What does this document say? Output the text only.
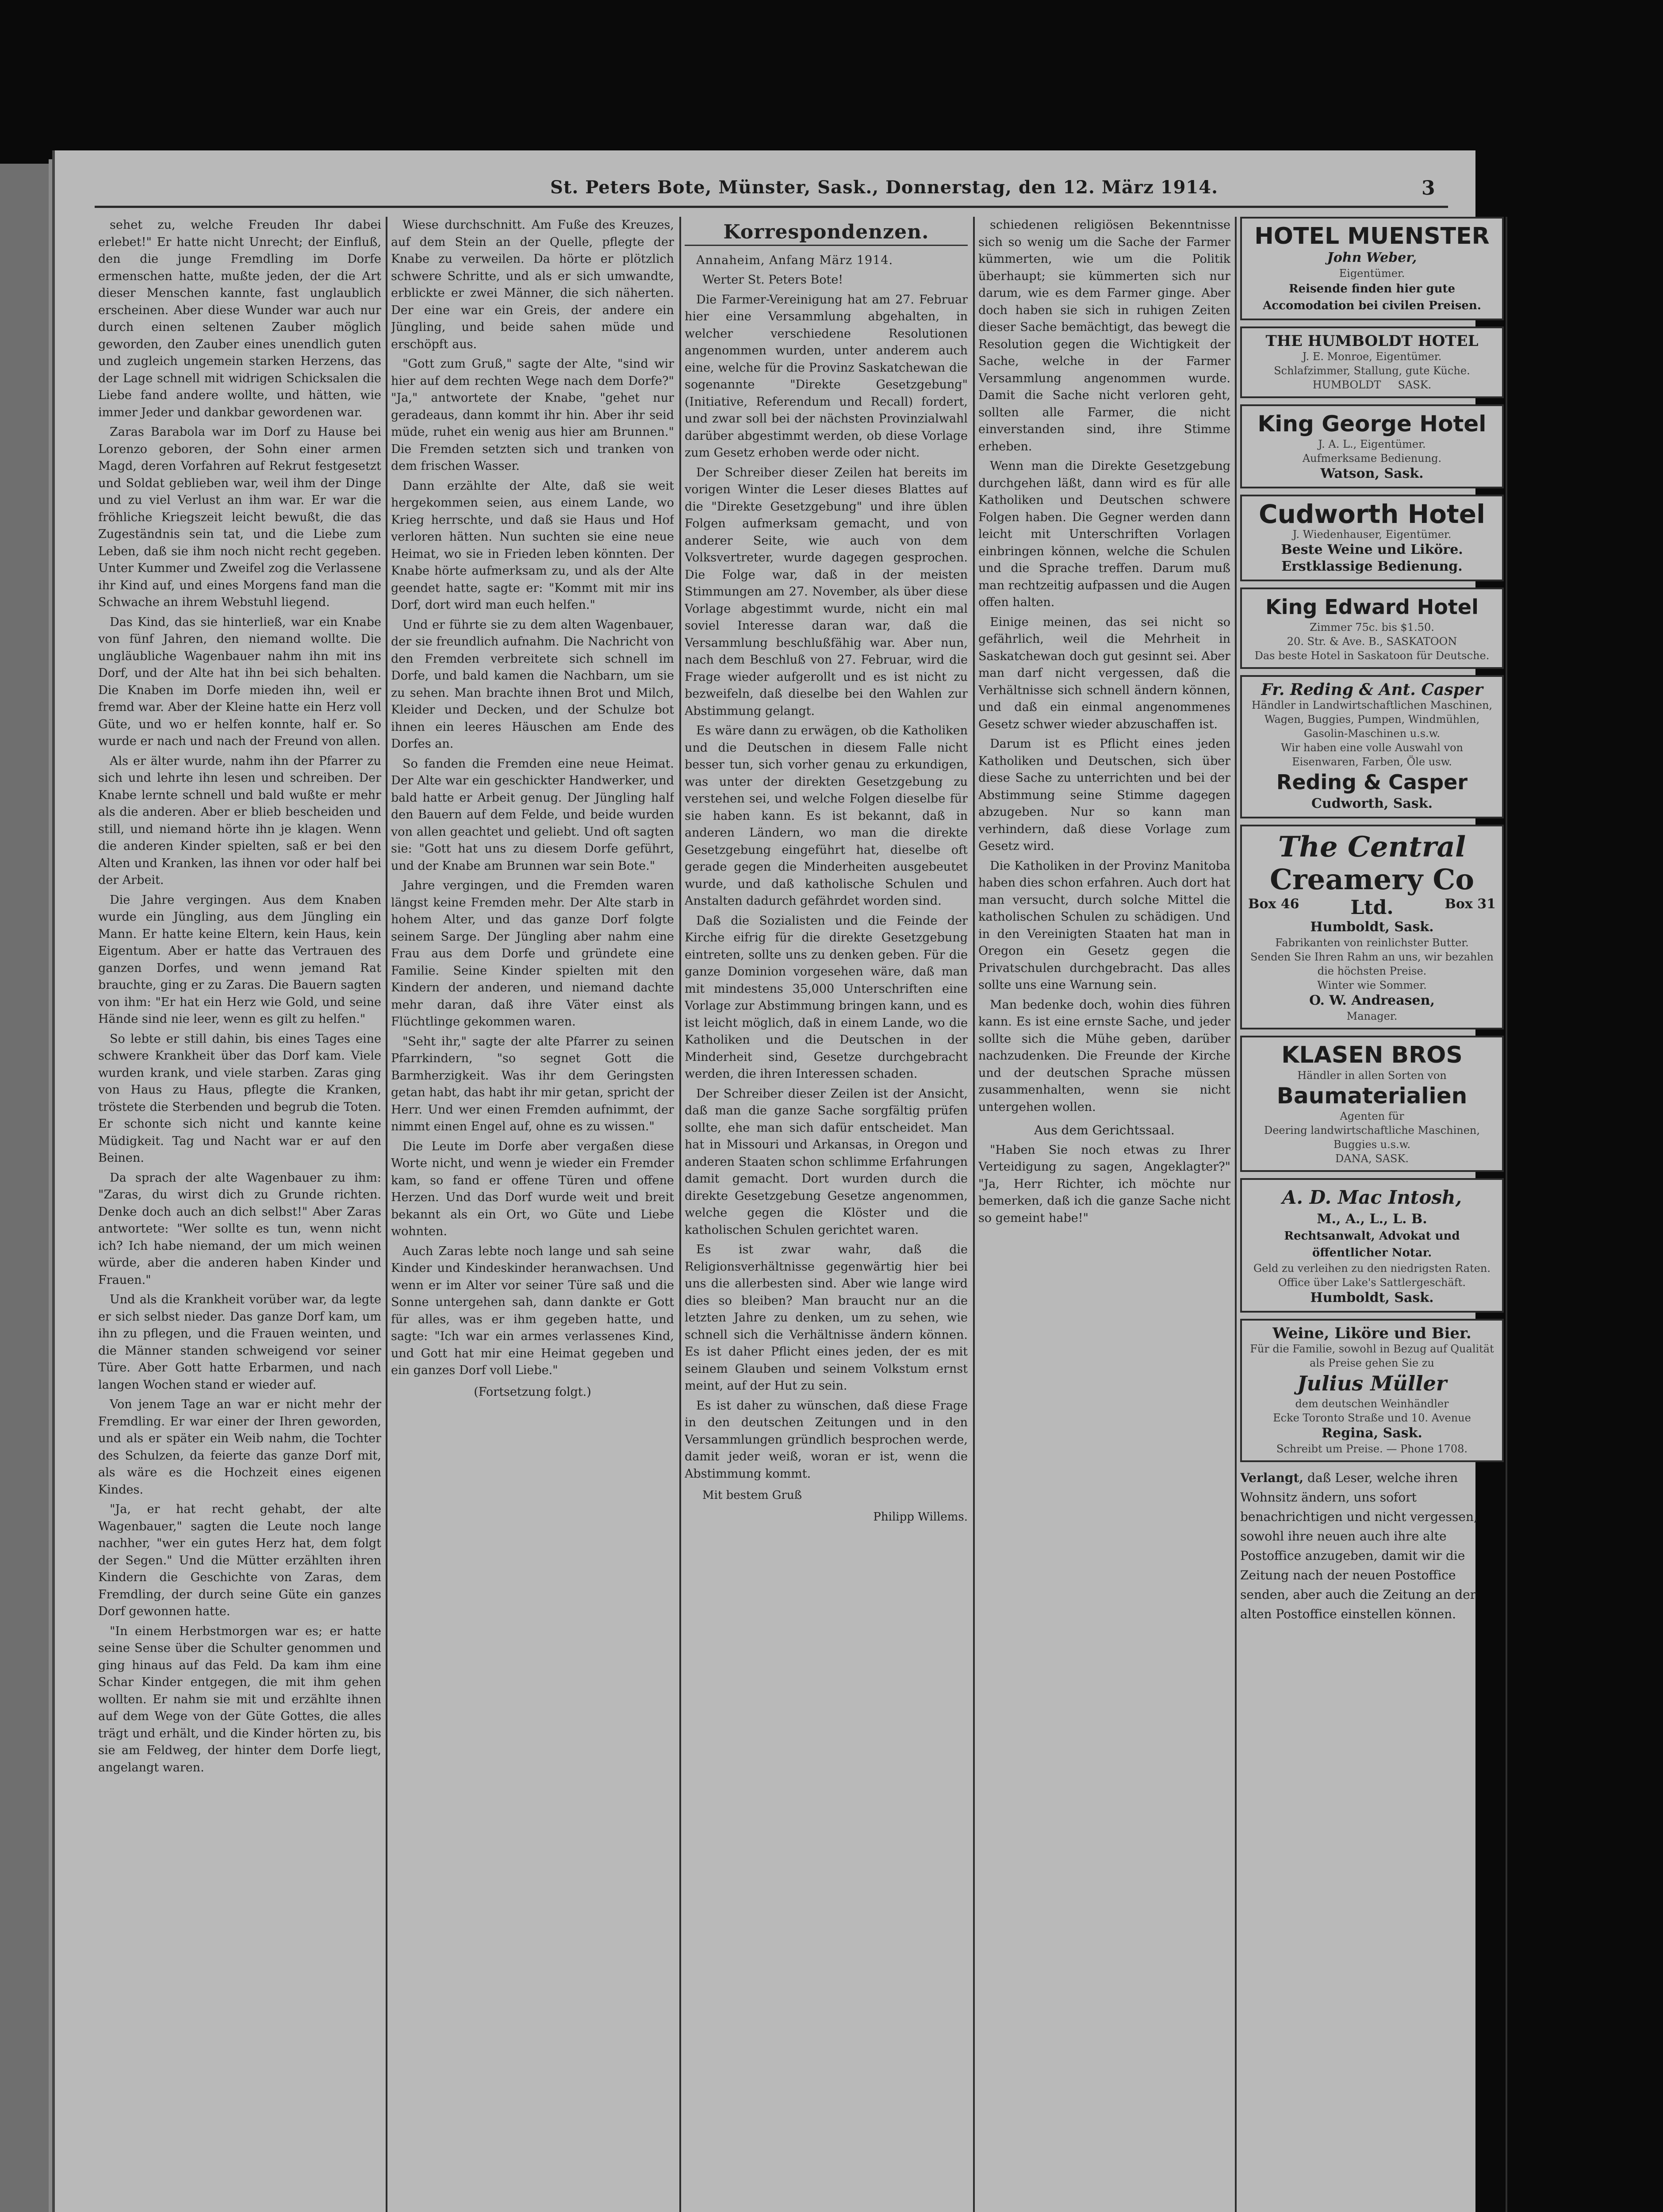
St. Peters Bote, Münster, Sask., Donnerstag, den 12. März 1914.	3

sehet zu, welche Freuden Ihr dabei erlebet!" Er hatte nicht Unrecht; der Einfluß, den die junge Fremdling im Dorfe ermenschen hatte, mußte jeden, der die Art dieser Menschen kannte, fast unglaublich erscheinen. Aber diese Wunder war auch nur durch einen seltenen Zauber möglich geworden, den Zauber eines unendlich guten und zugleich ungemein starken Herzens, das der Lage schnell mit widrigen Schicksalen die Liebe fand andere wollte, und hätten, wie immer Jeder und dankbar gewordenen war.

Zaras Barabola war im Dorf zu Hause bei Lorenzo geboren, der Sohn einer armen Magd, deren Vorfahren auf Rekrut festgesetzt und Soldat geblieben war, weil ihm der Dinge und zu viel Verlust an ihm war. Er war die fröhliche Kriegszeit leicht bewußt, die das Zugeständnis sein tat, und die Liebe zum Leben, daß sie ihm noch nicht recht gegeben. Unter Kummer und Zweifel zog die Verlassene ihr Kind auf, und eines Morgens fand man die Schwache an ihrem Webstuhl liegend.

Das Kind, das sie hinterließ, war ein Knabe von fünf Jahren, den niemand wollte. Die ungläubliche Wagenbauer nahm ihn mit ins Dorf, und der Alte hat ihn bei sich behalten. Die Knaben im Dorfe mieden ihn, weil er fremd war. Aber der Kleine hatte ein Herz voll Güte, und wo er helfen konnte, half er. So wurde er nach und nach der Freund von allen.

Als er älter wurde, nahm ihn der Pfarrer zu sich und lehrte ihn lesen und schreiben. Der Knabe lernte schnell und bald wußte er mehr als die anderen. Aber er blieb bescheiden und still, und niemand hörte ihn je klagen. Wenn die anderen Kinder spielten, saß er bei den Alten und Kranken, las ihnen vor oder half bei der Arbeit.

Die Jahre vergingen. Aus dem Knaben wurde ein Jüngling, aus dem Jüngling ein Mann. Er hatte keine Eltern, kein Haus, kein Eigentum. Aber er hatte das Vertrauen des ganzen Dorfes, und wenn jemand Rat brauchte, ging er zu Zaras. Die Bauern sagten von ihm: "Er hat ein Herz wie Gold, und seine Hände sind nie leer, wenn es gilt zu helfen."

So lebte er still dahin, bis eines Tages eine schwere Krankheit über das Dorf kam. Viele wurden krank, und viele starben. Zaras ging von Haus zu Haus, pflegte die Kranken, tröstete die Sterbenden und begrub die Toten. Er schonte sich nicht und kannte keine Müdigkeit. Tag und Nacht war er auf den Beinen.

Da sprach der alte Wagenbauer zu ihm: "Zaras, du wirst dich zu Grunde richten. Denke doch auch an dich selbst!" Aber Zaras antwortete: "Wer sollte es tun, wenn nicht ich? Ich habe niemand, der um mich weinen würde, aber die anderen haben Kinder und Frauen."

Und als die Krankheit vorüber war, da legte er sich selbst nieder. Das ganze Dorf kam, um ihn zu pflegen, und die Frauen weinten, und die Männer standen schweigend vor seiner Türe. Aber Gott hatte Erbarmen, und nach langen Wochen stand er wieder auf.

Von jenem Tage an war er nicht mehr der Fremdling. Er war einer der Ihren geworden, und als er später ein Weib nahm, die Tochter des Schulzen, da feierte das ganze Dorf mit, als wäre es die Hochzeit eines eigenen Kindes.

"Ja, er hat recht gehabt, der alte Wagenbauer," sagten die Leute noch lange nachher, "wer ein gutes Herz hat, dem folgt der Segen." Und die Mütter erzählten ihren Kindern die Geschichte von Zaras, dem Fremdling, der durch seine Güte ein ganzes Dorf gewonnen hatte.

"In einem Herbstmorgen war es; er hatte seine Sense über die Schulter genommen und ging hinaus auf das Feld. Da kam ihm eine Schar Kinder entgegen, die mit ihm gehen wollten. Er nahm sie mit und erzählte ihnen auf dem Wege von der Güte Gottes, die alles trägt und erhält, und die Kinder hörten zu, bis sie am Feldweg, der hinter dem Dorfe liegt, angelangt waren.

Wiese durchschnitt. Am Fuße des Kreuzes, auf dem Stein an der Quelle, pflegte der Knabe zu verweilen. Da hörte er plötzlich schwere Schritte, und als er sich umwandte, erblickte er zwei Männer, die sich näherten. Der eine war ein Greis, der andere ein Jüngling, und beide sahen müde und erschöpft aus.

"Gott zum Gruß," sagte der Alte, "sind wir hier auf dem rechten Wege nach dem Dorfe?" "Ja," antwortete der Knabe, "gehet nur geradeaus, dann kommt ihr hin. Aber ihr seid müde, ruhet ein wenig aus hier am Brunnen." Die Fremden setzten sich und tranken von dem frischen Wasser.

Dann erzählte der Alte, daß sie weit hergekommen seien, aus einem Lande, wo Krieg herrschte, und daß sie Haus und Hof verloren hätten. Nun suchten sie eine neue Heimat, wo sie in Frieden leben könnten. Der Knabe hörte aufmerksam zu, und als der Alte geendet hatte, sagte er: "Kommt mit mir ins Dorf, dort wird man euch helfen."

Und er führte sie zu dem alten Wagenbauer, der sie freundlich aufnahm. Die Nachricht von den Fremden verbreitete sich schnell im Dorfe, und bald kamen die Nachbarn, um sie zu sehen. Man brachte ihnen Brot und Milch, Kleider und Decken, und der Schulze bot ihnen ein leeres Häuschen am Ende des Dorfes an.

So fanden die Fremden eine neue Heimat. Der Alte war ein geschickter Handwerker, und bald hatte er Arbeit genug. Der Jüngling half den Bauern auf dem Felde, und beide wurden von allen geachtet und geliebt. Und oft sagten sie: "Gott hat uns zu diesem Dorfe geführt, und der Knabe am Brunnen war sein Bote."

Jahre vergingen, und die Fremden waren längst keine Fremden mehr. Der Alte starb in hohem Alter, und das ganze Dorf folgte seinem Sarge. Der Jüngling aber nahm eine Frau aus dem Dorfe und gründete eine Familie. Seine Kinder spielten mit den Kindern der anderen, und niemand dachte mehr daran, daß ihre Väter einst als Flüchtlinge gekommen waren.

"Seht ihr," sagte der alte Pfarrer zu seinen Pfarrkindern, "so segnet Gott die Barmherzigkeit. Was ihr dem Geringsten getan habt, das habt ihr mir getan, spricht der Herr. Und wer einen Fremden aufnimmt, der nimmt einen Engel auf, ohne es zu wissen."

Die Leute im Dorfe aber vergaßen diese Worte nicht, und wenn je wieder ein Fremder kam, so fand er offene Türen und offene Herzen. Und das Dorf wurde weit und breit bekannt als ein Ort, wo Güte und Liebe wohnten.

Auch Zaras lebte noch lange und sah seine Kinder und Kindeskinder heranwachsen. Und wenn er im Alter vor seiner Türe saß und die Sonne untergehen sah, dann dankte er Gott für alles, was er ihm gegeben hatte, und sagte: "Ich war ein armes verlassenes Kind, und Gott hat mir eine Heimat gegeben und ein ganzes Dorf voll Liebe."

(Fortsetzung folgt.)
Korrespondenzen.

Annaheim, Anfang März 1914.

Werter St. Peters Bote!

Die Farmer-Vereinigung hat am 27. Februar hier eine Versammlung abgehalten, in welcher verschiedene Resolutionen angenommen wurden, unter anderem auch eine, welche für die Provinz Saskatchewan die sogenannte "Direkte Gesetzgebung" (Initiative, Referendum und Recall) fordert, und zwar soll bei der nächsten Provinzialwahl darüber abgestimmt werden, ob diese Vorlage zum Gesetz erhoben werde oder nicht.

Der Schreiber dieser Zeilen hat bereits im vorigen Winter die Leser dieses Blattes auf die "Direkte Gesetzgebung" und ihre üblen Folgen aufmerksam gemacht, und von anderer Seite, wie auch von dem Volksvertreter, wurde dagegen gesprochen. Die Folge war, daß in der meisten Stimmungen am 27. November, als über diese Vorlage abgestimmt wurde, nicht ein mal soviel Interesse daran war, daß die Versammlung beschlußfähig war. Aber nun, nach dem Beschluß von 27. Februar, wird die Frage wieder aufgerollt und es ist nicht zu bezweifeln, daß dieselbe bei den Wahlen zur Abstimmung gelangt.

Es wäre dann zu erwägen, ob die Katholiken und die Deutschen in diesem Falle nicht besser tun, sich vorher genau zu erkundigen, was unter der direkten Gesetzgebung zu verstehen sei, und welche Folgen dieselbe für sie haben kann. Es ist bekannt, daß in anderen Ländern, wo man die direkte Gesetzgebung eingeführt hat, dieselbe oft gerade gegen die Minderheiten ausgebeutet wurde, und daß katholische Schulen und Anstalten dadurch gefährdet worden sind.

Daß die Sozialisten und die Feinde der Kirche eifrig für die direkte Gesetzgebung eintreten, sollte uns zu denken geben. Für die ganze Dominion vorgesehen wäre, daß man mit mindestens 35,000 Unterschriften eine Vorlage zur Abstimmung bringen kann, und es ist leicht möglich, daß in einem Lande, wo die Katholiken und die Deutschen in der Minderheit sind, Gesetze durchgebracht werden, die ihren Interessen schaden.

Der Schreiber dieser Zeilen ist der Ansicht, daß man die ganze Sache sorgfältig prüfen sollte, ehe man sich dafür entscheidet. Man hat in Missouri und Arkansas, in Oregon und anderen Staaten schon schlimme Erfahrungen damit gemacht. Dort wurden durch die direkte Gesetzgebung Gesetze angenommen, welche gegen die Klöster und die katholischen Schulen gerichtet waren.

Es ist zwar wahr, daß die Religionsverhältnisse gegenwärtig hier bei uns die allerbesten sind. Aber wie lange wird dies so bleiben? Man braucht nur an die letzten Jahre zu denken, um zu sehen, wie schnell sich die Verhältnisse ändern können. Es ist daher Pflicht eines jeden, der es mit seinem Glauben und seinem Volkstum ernst meint, auf der Hut zu sein.

Es ist daher zu wünschen, daß diese Frage in den deutschen Zeitungen und in den Versammlungen gründlich besprochen werde, damit jeder weiß, woran er ist, wenn die Abstimmung kommt.

Mit bestem Gruß
Philipp Willems.

schiedenen religiösen Bekenntnisse sich so wenig um die Sache der Farmer kümmerten, wie um die Politik überhaupt; sie kümmerten sich nur darum, wie es dem Farmer ginge. Aber doch haben sie sich in ruhigen Zeiten dieser Sache bemächtigt, das bewegt die Resolution gegen die Wichtigkeit der Sache, welche in der Farmer Versammlung angenommen wurde. Damit die Sache nicht verloren geht, sollten alle Farmer, die nicht einverstanden sind, ihre Stimme erheben.

Wenn man die Direkte Gesetzgebung durchgehen läßt, dann wird es für alle Katholiken und Deutschen schwere Folgen haben. Die Gegner werden dann leicht mit Unterschriften Vorlagen einbringen können, welche die Schulen und die Sprache treffen. Darum muß man rechtzeitig aufpassen und die Augen offen halten.

Einige meinen, das sei nicht so gefährlich, weil die Mehrheit in Saskatchewan doch gut gesinnt sei. Aber man darf nicht vergessen, daß die Verhältnisse sich schnell ändern können, und daß ein einmal angenommenes Gesetz schwer wieder abzuschaffen ist.

Darum ist es Pflicht eines jeden Katholiken und Deutschen, sich über diese Sache zu unterrichten und bei der Abstimmung seine Stimme dagegen abzugeben. Nur so kann man verhindern, daß diese Vorlage zum Gesetz wird.

Die Katholiken in der Provinz Manitoba haben dies schon erfahren. Auch dort hat man versucht, durch solche Mittel die katholischen Schulen zu schädigen. Und in den Vereinigten Staaten hat man in Oregon ein Gesetz gegen die Privatschulen durchgebracht. Das alles sollte uns eine Warnung sein.

Man bedenke doch, wohin dies führen kann. Es ist eine ernste Sache, und jeder sollte sich die Mühe geben, darüber nachzudenken. Die Freunde der Kirche und der deutschen Sprache müssen zusammenhalten, wenn sie nicht untergehen wollen.

Aus dem Gerichtssaal.

"Haben Sie noch etwas zu Ihrer Verteidigung zu sagen, Angeklagter?" "Ja, Herr Richter, ich möchte nur bemerken, daß ich die ganze Sache nicht so gemeint habe!"

HOTEL MUENSTER
John Weber,
Eigentümer.
Reisende finden hier gute Accomodation bei civilen Preisen.
THE HUMBOLDT HOTEL
J. E. Monroe, Eigentümer.
Schlafzimmer, Stallung, gute Küche.
HUMBOLDT SASK.
King George Hotel
J. A. L., Eigentümer.
Aufmerksame Bedienung.
Watson, Sask.
Cudworth Hotel
J. Wiedenhauser, Eigentümer.
Beste Weine und Liköre.
Erstklassige Bedienung.
King Edward Hotel
Zimmer 75c. bis $1.50.
20. Str. & Ave. B., SASKATOON
Das beste Hotel in Saskatoon für Deutsche.
Fr. Reding & Ant. Casper
Händler in Landwirtschaftlichen Maschinen, Wagen, Buggies, Pumpen, Windmühlen, Gasolin-Maschinen u.s.w.
Wir haben eine volle Auswahl von Eisenwaren, Farben, Öle usw.
Reding & Casper
Cudworth, Sask.
The Central
Creamery Co
Box 46	Ltd.	Box 31
Humboldt, Sask.
Fabrikanten von reinlichster Butter.
Senden Sie Ihren Rahm an uns, wir bezahlen die höchsten Preise.
Winter wie Sommer.
O. W. Andreasen,
Manager.
KLASEN BROS
Händler in allen Sorten von
Baumaterialien
Agenten für
Deering landwirtschaftliche Maschinen, Buggies u.s.w.
DANA, SASK.
A. D. Mac Intosh,
M., A., L., L. B.
Rechtsanwalt, Advokat und öffentlicher Notar.
Geld zu verleihen zu den niedrigsten Raten.
Office über Lake's Sattlergeschäft.
Humboldt, Sask.
Weine, Liköre und Bier.
Für die Familie, sowohl in Bezug auf Qualität als Preise gehen Sie zu
Julius Müller
dem deutschen Weinhändler
Ecke Toronto Straße und 10. Avenue
Regina, Sask.
Schreibt um Preise. — Phone 1708.
Verlangt, daß Leser, welche ihren Wohnsitz ändern, uns sofort benachrichtigen und nicht vergessen, sowohl ihre neuen auch ihre alte Postoffice anzugeben, damit wir die Zeitung nach der neuen Postoffice senden, aber auch die Zeitung an der alten Postoffice einstellen können.
